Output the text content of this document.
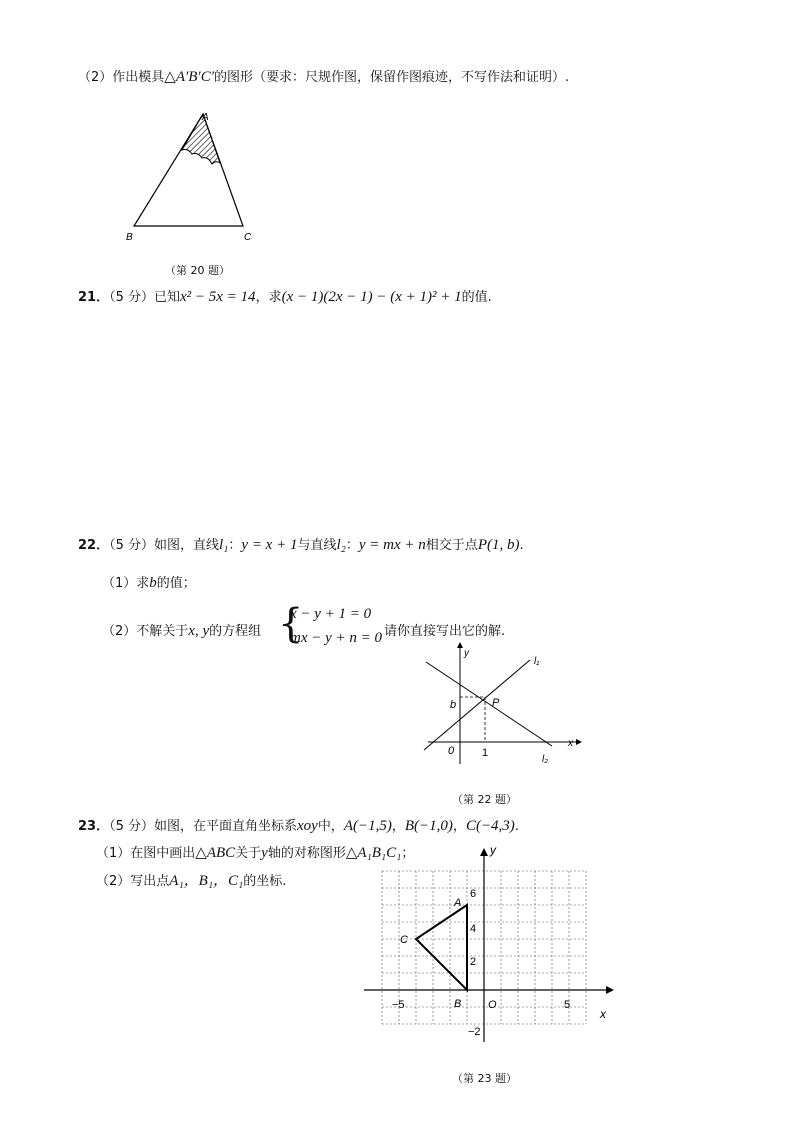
（2）作出模具△A′B′C′的图形（要求：尺规作图，保留作图痕迹，不写作法和证明）.
A
B	C
（第 20 题）
21．（5 分）已知x² − 5x = 14，求(x − 1)(2x − 1) − (x + 1)² + 1的值.
22．（5 分）如图，直线l₁：y = x + 1与直线l₂：y = mx + n相交于点P(1, b).
（1）求b的值；
（2）不解关于x, y的方程组 {
x − y + 1 = 0
mx − y + n = 0 请你直接写出它的解.
y
x
l₁
l₂
b	P
0	1
（第 22 题）
23．（5 分）如图，在平面直角坐标系xoy中，A(−1,5)，B(−1,0)，C(−4,3).
（1）在图中画出△ABC关于y轴的对称图形△A₁B₁C₁；
（2）写出点A₁，B₁，C₁的坐标.
y
x
6
4
2
−5	5
−2
O
A
B
C
（第 23 题）
